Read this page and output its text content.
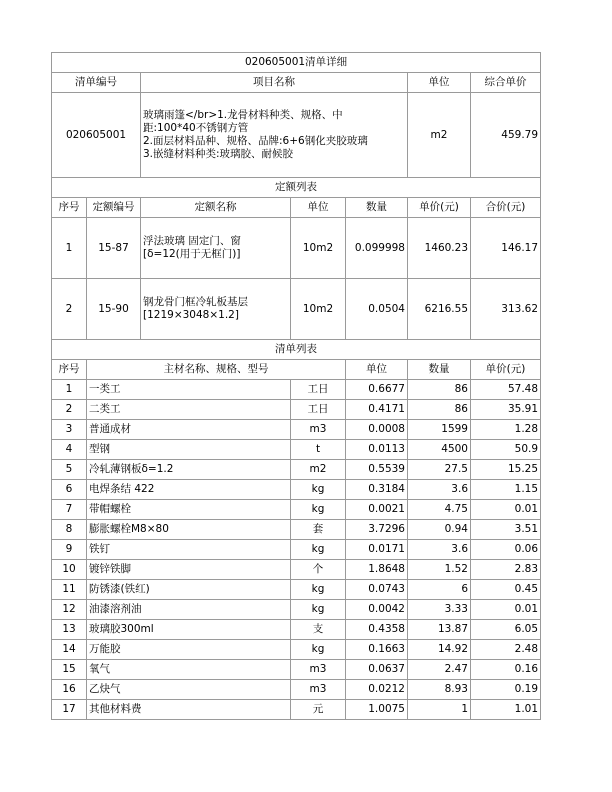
020605001清单详细							
清单编号		项目名称			单位	综合单价	
020605001		玻璃雨篷</br>1.龙骨材料种类、规格、中
距:100*40不锈钢方管
2.面层材料品种、规格、品牌:6+6钢化夹胶玻璃
3.嵌缝材料种类:玻璃胶、耐候胶			m2	459.79	
定额列表							
序号	定额编号	定额名称	单位	数量	单价(元)	合价(元)	
1	15-87	浮法玻璃 固定门、窗
[δ=12(用于无框门)]	10m2	0.099998	1460.23	146.17	
2	15-90	钢龙骨门框冷轧板基层
[1219×3048×1.2]	10m2	0.0504	6216.55	313.62	
清单列表							
序号	主材名称、规格、型号			单位	数量	单价(元)	
1	一类工		工日	0.6677	86	57.48	
2	二类工		工日	0.4171	86	35.91	
3	普通成材		m3	0.0008	1599	1.28	
4	型钢		t	0.0113	4500	50.9	
5	冷轧薄钢板δ=1.2		m2	0.5539	27.5	15.25	
6	电焊条结 422		kg	0.3184	3.6	1.15	
7	带帽螺栓		kg	0.0021	4.75	0.01	
8	膨胀螺栓M8×80		套	3.7296	0.94	3.51	
9	铁钉		kg	0.0171	3.6	0.06	
10	镀锌铁脚		个	1.8648	1.52	2.83	
11	防锈漆(铁红)		kg	0.0743	6	0.45	
12	油漆溶剂油		kg	0.0042	3.33	0.01	
13	玻璃胶300ml		支	0.4358	13.87	6.05	
14	万能胶		kg	0.1663	14.92	2.48	
15	氧气		m3	0.0637	2.47	0.16	
16	乙炔气		m3	0.0212	8.93	0.19	
17	其他材料费		元	1.0075	1	1.01	
